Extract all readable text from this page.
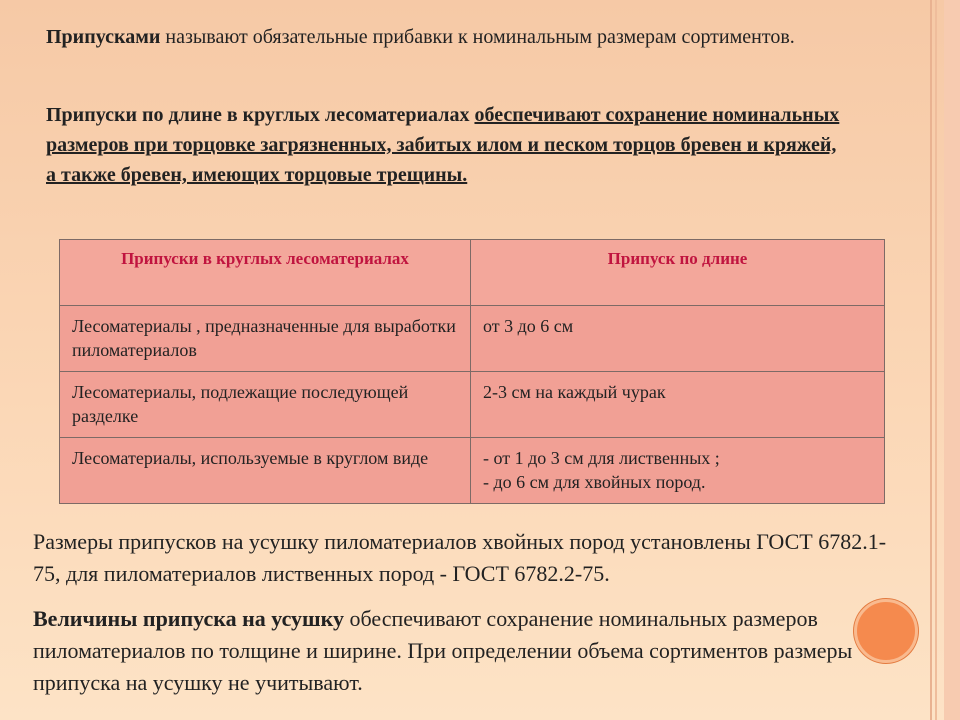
Припусками называют обязательные прибавки к номинальным размерам сортиментов.
Припуски по длине в круглых лесоматериалах обеспечивают сохранение номинальных размеров при торцовке загрязненных, забитых илом и песком торцов бревен и кряжей, а также бревен, имеющих торцовые трещины.
Припуски в круглых лесоматериалах	Припуск по длине
Лесоматериалы , предназначенные для выработки пиломатериалов	от 3 до 6 см
Лесоматериалы, подлежащие последующей разделке	2-3 см на каждый чурак
Лесоматериалы, используемые в круглом виде	- от 1 до 3 см для лиственных ;
- до 6 см для хвойных пород.
Размеры припусков на усушку пиломатериалов хвойных пород установлены ГОСТ 6782.1-75, для пиломатериалов лиственных пород - ГОСТ 6782.2-75.
Величины припуска на усушку обеспечивают сохранение номинальных размеров пиломатериалов по толщине и ширине. При определении объема сортиментов размеры припуска на усушку не учитывают.
